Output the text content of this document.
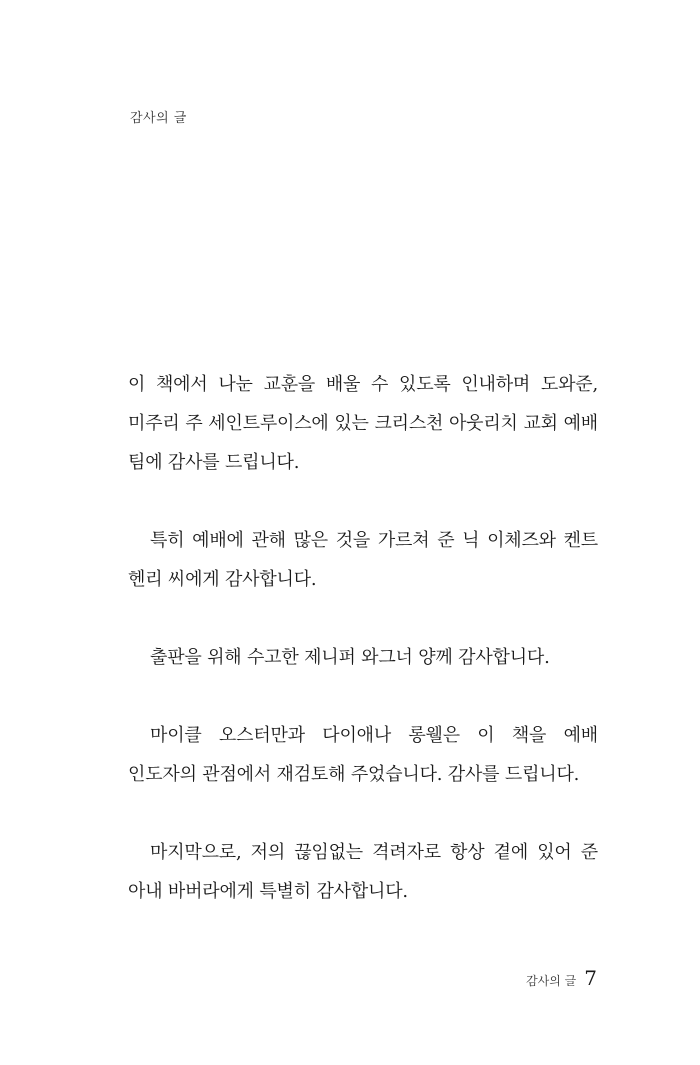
감사의 글

이 책에서 나눈 교훈을 배울 수 있도록 인내하며 도와준, 미주리 주 세인트루이스에 있는 크리스천 아웃리치 교회 예배 팀에 감사를 드립니다.

특히 예배에 관해 많은 것을 가르쳐 준 닉 이체즈와 켄트 헨리 씨에게 감사합니다.

출판을 위해 수고한 제니퍼 와그너 양께 감사합니다.

마이클 오스터만과 다이애나 롱웰은 이 책을 예배 인도자의 관점에서 재검토해 주었습니다. 감사를 드립니다.

마지막으로, 저의 끊임없는 격려자로 항상 곁에 있어 준 아내 바버라에게 특별히 감사합니다.

감사의 글 7
